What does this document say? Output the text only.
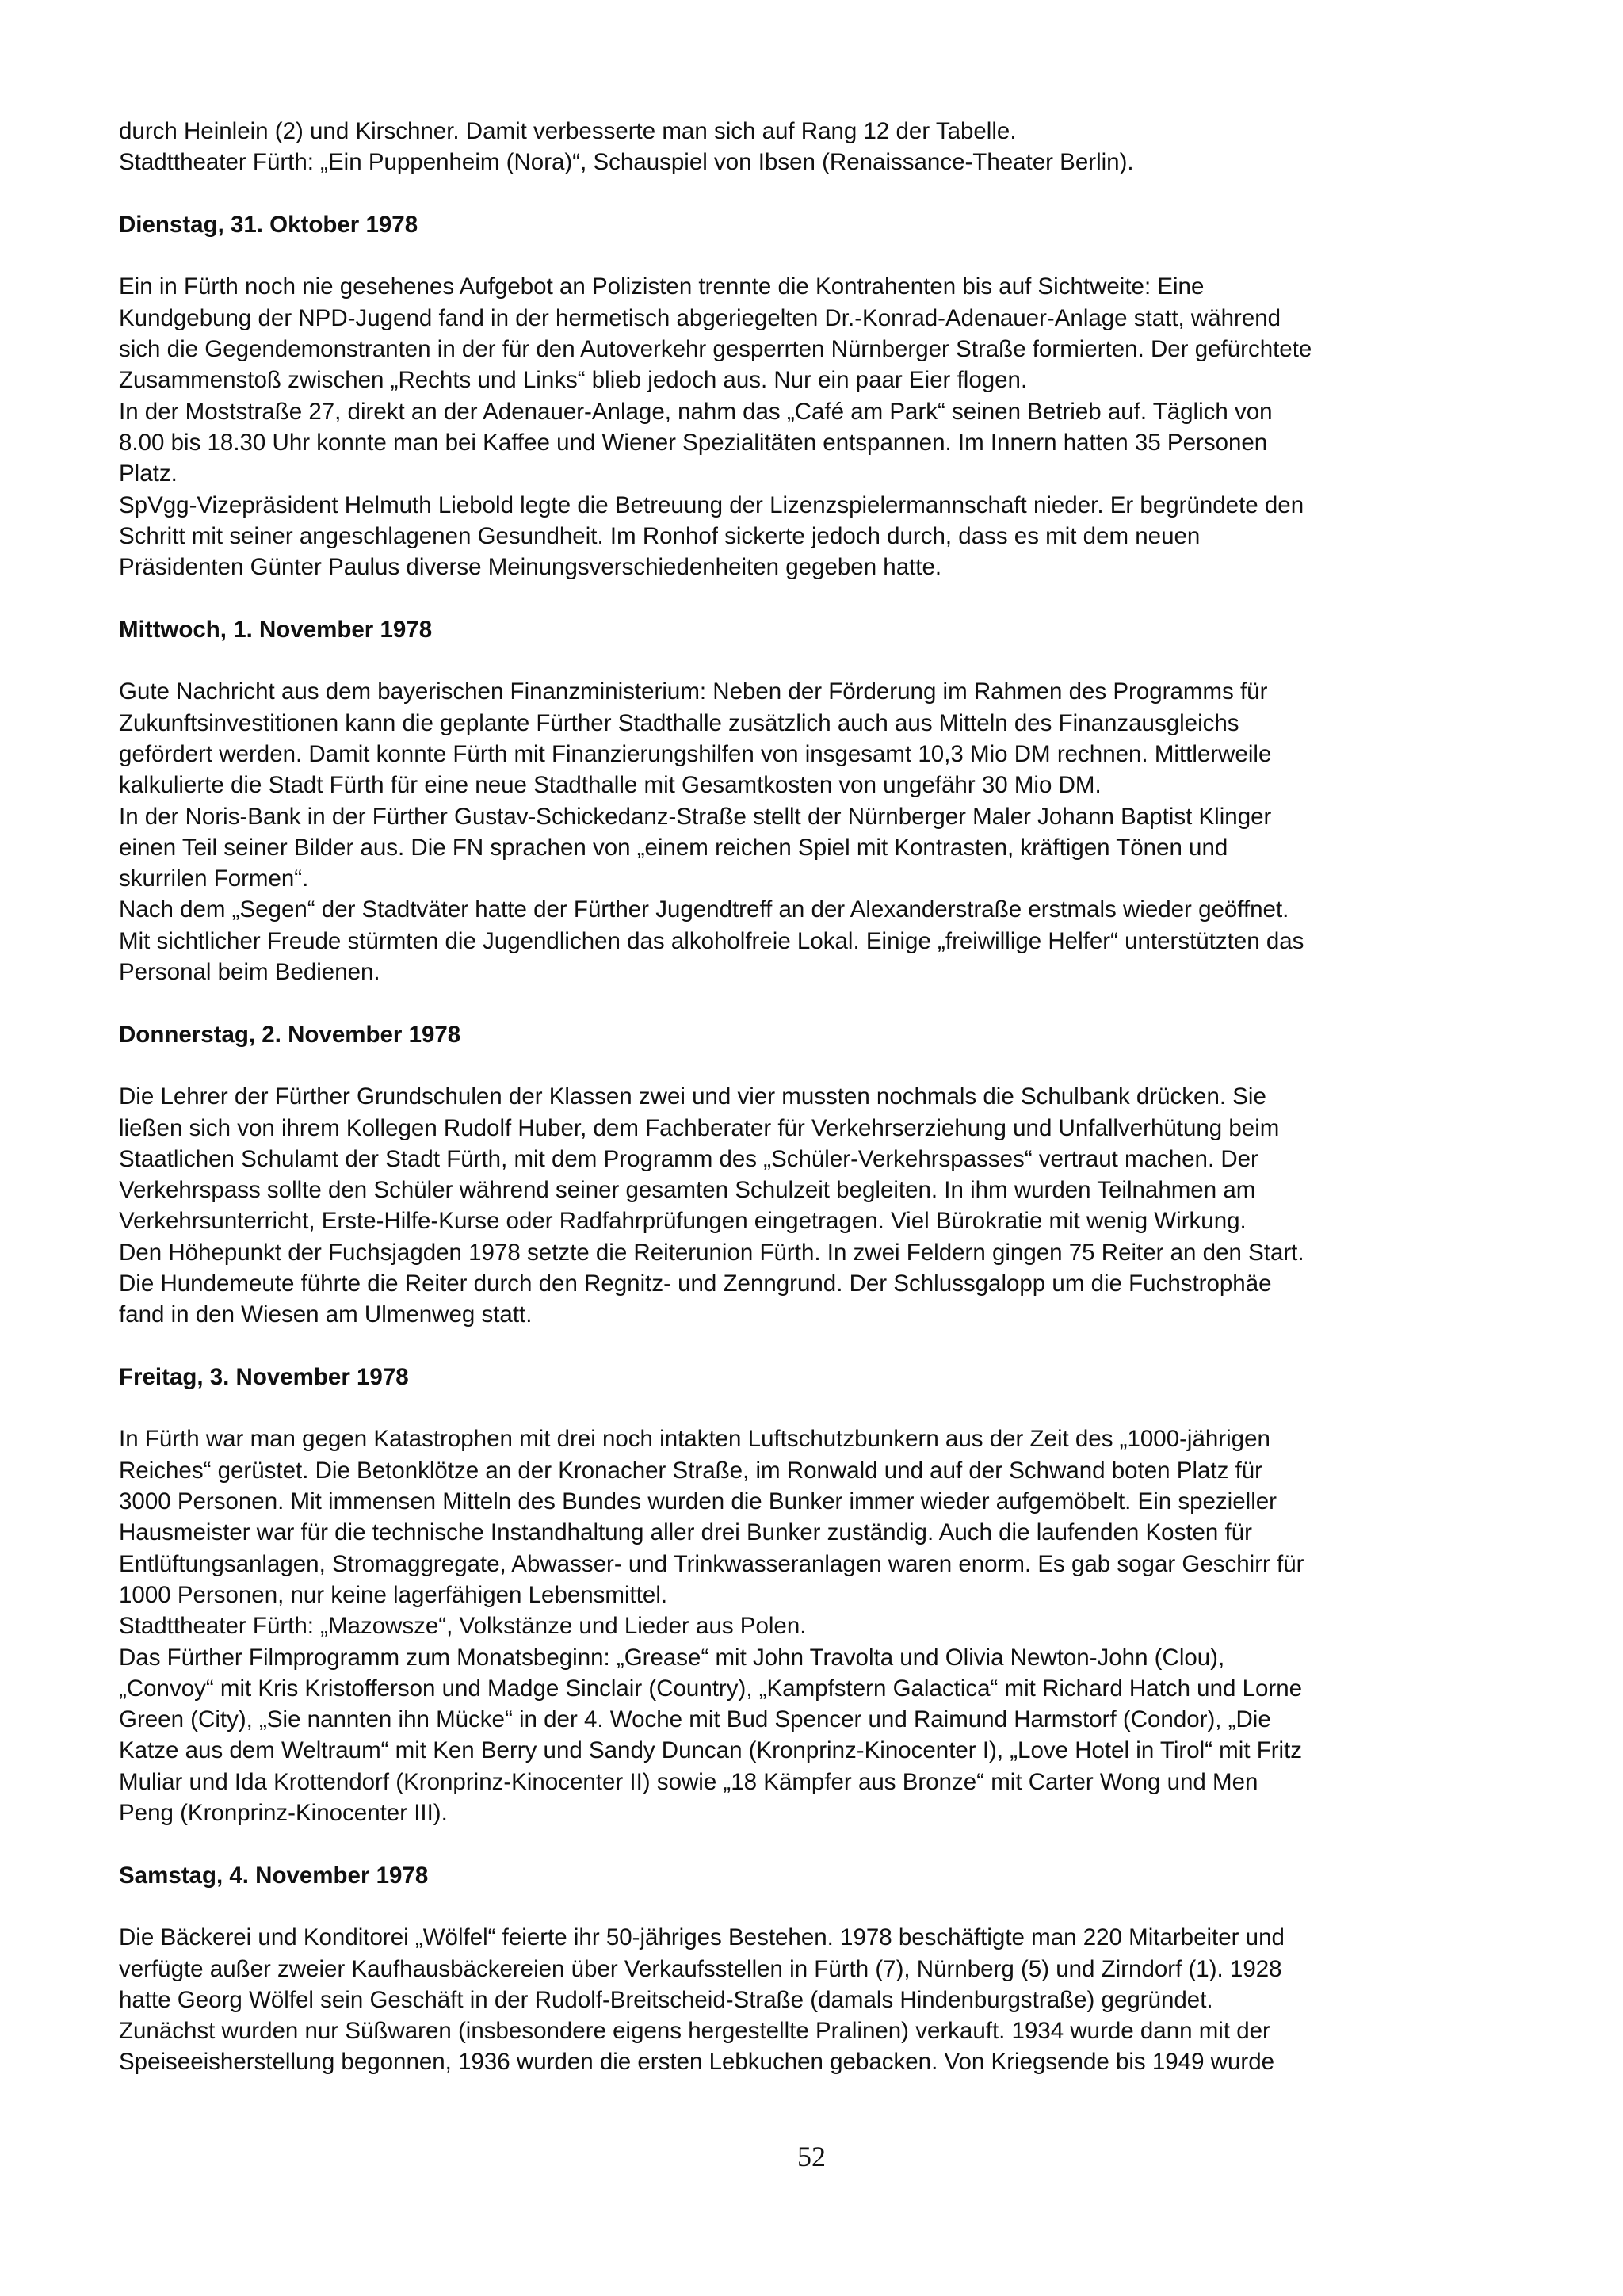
durch Heinlein (2) und Kirschner. Damit verbesserte man sich auf Rang 12 der Tabelle.
Stadttheater Fürth: „Ein Puppenheim (Nora)“, Schauspiel von Ibsen (Renaissance-Theater Berlin).
Dienstag, 31. Oktober 1978
Ein in Fürth noch nie gesehenes Aufgebot an Polizisten trennte die Kontrahenten bis auf Sichtweite: Eine
Kundgebung der NPD-Jugend fand in der hermetisch abgeriegelten Dr.-Konrad-Adenauer-Anlage statt, während
sich die Gegendemonstranten in der für den Autoverkehr gesperrten Nürnberger Straße formierten. Der gefürchtete
Zusammenstoß zwischen „Rechts und Links“ blieb jedoch aus. Nur ein paar Eier flogen.
In der Moststraße 27, direkt an der Adenauer-Anlage, nahm das „Café am Park“ seinen Betrieb auf. Täglich von
8.00 bis 18.30 Uhr konnte man bei Kaffee und Wiener Spezialitäten entspannen. Im Innern hatten 35 Personen
Platz.
SpVgg-Vizepräsident Helmuth Liebold legte die Betreuung der Lizenzspielermannschaft nieder. Er begründete den
Schritt mit seiner angeschlagenen Gesundheit. Im Ronhof sickerte jedoch durch, dass es mit dem neuen
Präsidenten Günter Paulus diverse Meinungsverschiedenheiten gegeben hatte.
Mittwoch, 1. November 1978
Gute Nachricht aus dem bayerischen Finanzministerium: Neben der Förderung im Rahmen des Programms für
Zukunftsinvestitionen kann die geplante Fürther Stadthalle zusätzlich auch aus Mitteln des Finanzausgleichs
gefördert werden. Damit konnte Fürth mit Finanzierungshilfen von insgesamt 10,3 Mio DM rechnen. Mittlerweile
kalkulierte die Stadt Fürth für eine neue Stadthalle mit Gesamtkosten von ungefähr 30 Mio DM.
In der Noris-Bank in der Fürther Gustav-Schickedanz-Straße stellt der Nürnberger Maler Johann Baptist Klinger
einen Teil seiner Bilder aus. Die FN sprachen von „einem reichen Spiel mit Kontrasten, kräftigen Tönen und
skurrilen Formen“.
Nach dem „Segen“ der Stadtväter hatte der Fürther Jugendtreff an der Alexanderstraße erstmals wieder geöffnet.
Mit sichtlicher Freude stürmten die Jugendlichen das alkoholfreie Lokal. Einige „freiwillige Helfer“ unterstützten das
Personal beim Bedienen.
Donnerstag, 2. November 1978
Die Lehrer der Fürther Grundschulen der Klassen zwei und vier mussten nochmals die Schulbank drücken. Sie
ließen sich von ihrem Kollegen Rudolf Huber, dem Fachberater für Verkehrserziehung und Unfallverhütung beim
Staatlichen Schulamt der Stadt Fürth, mit dem Programm des „Schüler-Verkehrspasses“ vertraut machen. Der
Verkehrspass sollte den Schüler während seiner gesamten Schulzeit begleiten. In ihm wurden Teilnahmen am
Verkehrsunterricht, Erste-Hilfe-Kurse oder Radfahrprüfungen eingetragen. Viel Bürokratie mit wenig Wirkung.
Den Höhepunkt der Fuchsjagden 1978 setzte die Reiterunion Fürth. In zwei Feldern gingen 75 Reiter an den Start.
Die Hundemeute führte die Reiter durch den Regnitz- und Zenngrund. Der Schlussgalopp um die Fuchstrophäe
fand in den Wiesen am Ulmenweg statt.
Freitag, 3. November 1978
In Fürth war man gegen Katastrophen mit drei noch intakten Luftschutzbunkern aus der Zeit des „1000-jährigen
Reiches“ gerüstet. Die Betonklötze an der Kronacher Straße, im Ronwald und auf der Schwand boten Platz für
3000 Personen. Mit immensen Mitteln des Bundes wurden die Bunker immer wieder aufgemöbelt. Ein spezieller
Hausmeister war für die technische Instandhaltung aller drei Bunker zuständig. Auch die laufenden Kosten für
Entlüftungsanlagen, Stromaggregate, Abwasser- und Trinkwasseranlagen waren enorm. Es gab sogar Geschirr für
1000 Personen, nur keine lagerfähigen Lebensmittel.
Stadttheater Fürth: „Mazowsze“, Volkstänze und Lieder aus Polen.
Das Fürther Filmprogramm zum Monatsbeginn: „Grease“ mit John Travolta und Olivia Newton-John (Clou),
„Convoy“ mit Kris Kristofferson und Madge Sinclair (Country), „Kampfstern Galactica“ mit Richard Hatch und Lorne
Green (City), „Sie nannten ihn Mücke“ in der 4. Woche mit Bud Spencer und Raimund Harmstorf (Condor), „Die
Katze aus dem Weltraum“ mit Ken Berry und Sandy Duncan (Kronprinz-Kinocenter I), „Love Hotel in Tirol“ mit Fritz
Muliar und Ida Krottendorf (Kronprinz-Kinocenter II) sowie „18 Kämpfer aus Bronze“ mit Carter Wong und Men
Peng (Kronprinz-Kinocenter III).
Samstag, 4. November 1978
Die Bäckerei und Konditorei „Wölfel“ feierte ihr 50-jähriges Bestehen. 1978 beschäftigte man 220 Mitarbeiter und
verfügte außer zweier Kaufhausbäckereien über Verkaufsstellen in Fürth (7), Nürnberg (5) und Zirndorf (1). 1928
hatte Georg Wölfel sein Geschäft in der Rudolf-Breitscheid-Straße (damals Hindenburgstraße) gegründet.
Zunächst wurden nur Süßwaren (insbesondere eigens hergestellte Pralinen) verkauft. 1934 wurde dann mit der
Speiseeisherstellung begonnen, 1936 wurden die ersten Lebkuchen gebacken. Von Kriegsende bis 1949 wurde
52
